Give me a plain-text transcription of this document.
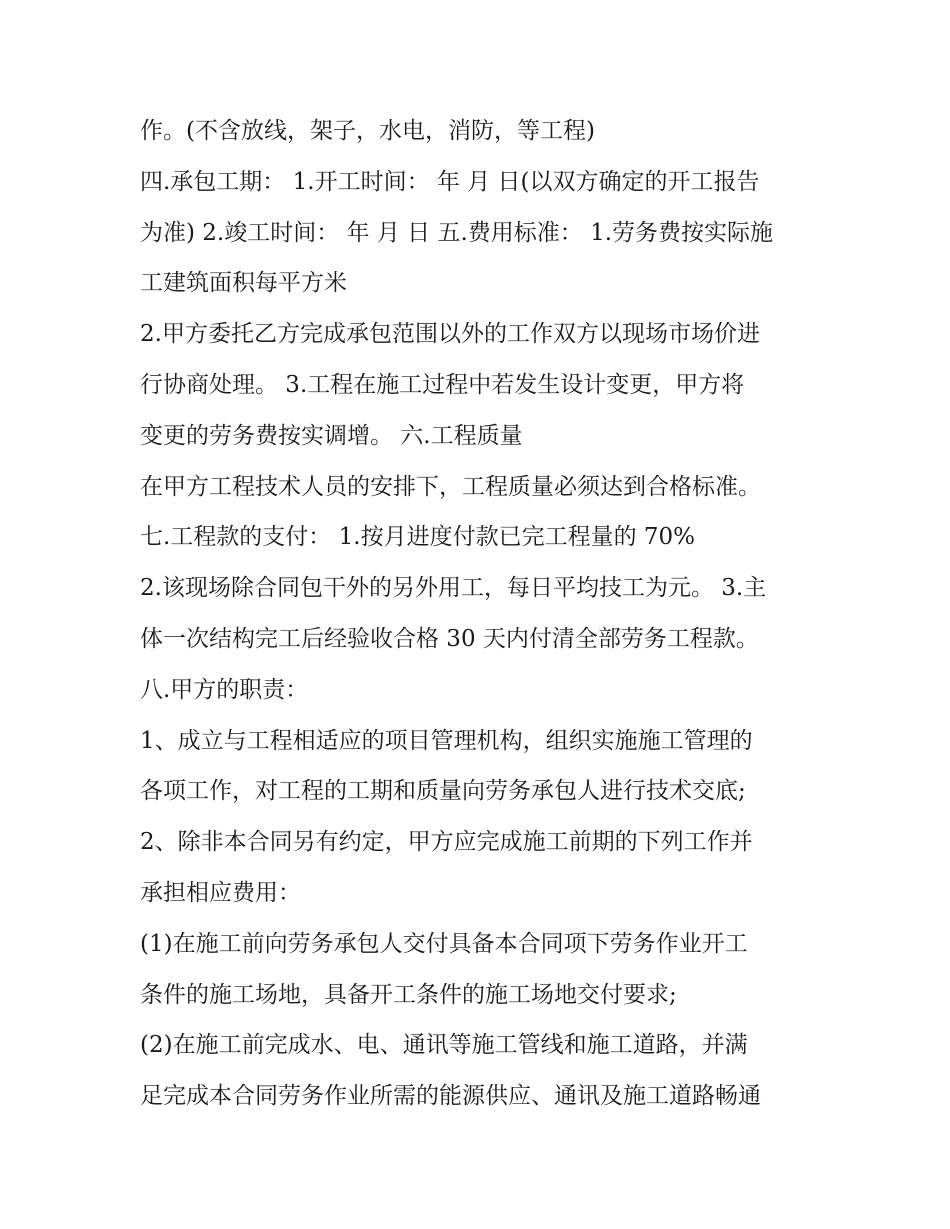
作。(不含放线，架子，水电，消防，等工程)
四.承包工期： 1.开工时间： 年 月 日(以双方确定的开工报告
为准) 2.竣工时间： 年 月 日 五.费用标准： 1.劳务费按实际施
工建筑面积每平方米
2.甲方委托乙方完成承包范围以外的工作双方以现场市场价进
行协商处理。 3.工程在施工过程中若发生设计变更，甲方将
变更的劳务费按实调增。 六.工程质量
在甲方工程技术人员的安排下，工程质量必须达到合格标准。
七.工程款的支付： 1.按月进度付款已完工程量的 70%
2.该现场除合同包干外的另外用工，每日平均技工为元。 3.主
体一次结构完工后经验收合格 30 天内付清全部劳务工程款。
八.甲方的职责：
1、成立与工程相适应的项目管理机构，组织实施施工管理的
各项工作，对工程的工期和质量向劳务承包人进行技术交底;
2、除非本合同另有约定，甲方应完成施工前期的下列工作并
承担相应费用：
(1)在施工前向劳务承包人交付具备本合同项下劳务作业开工
条件的施工场地，具备开工条件的施工场地交付要求;
(2)在施工前完成水、电、通讯等施工管线和施工道路，并满
足完成本合同劳务作业所需的能源供应、通讯及施工道路畅通
